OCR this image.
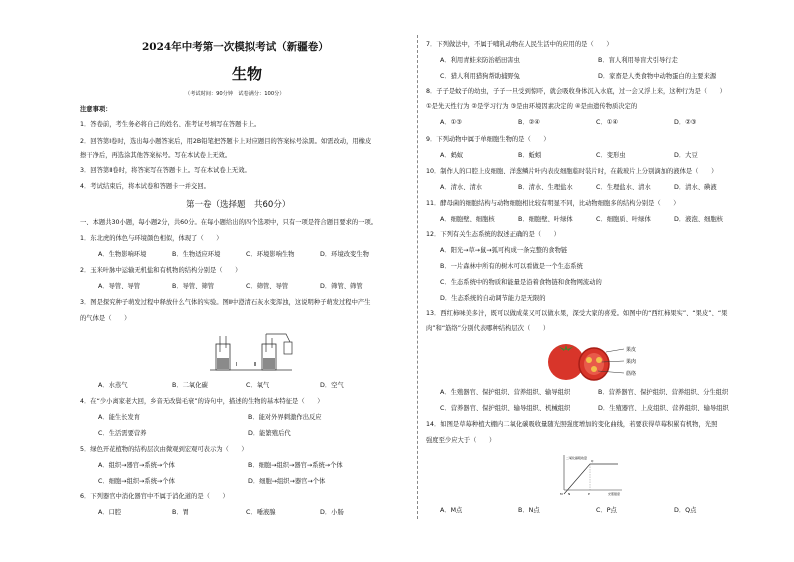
2024年中考第一次模拟考试（新疆卷）
生物
（考试时间：90分钟　试卷满分：100分）
注意事项：
1．答卷前，考生务必将自己的姓名、准考证号填写在答题卡上。
2．回答第Ⅰ卷时，选出每小题答案后，用2B铅笔把答题卡上对应题目的答案标号涂黑。如需改动，用橡皮
擦干净后，再选涂其他答案标号。写在本试卷上无效。
3．回答第Ⅱ卷时，将答案写在答题卡上。写在本试卷上无效。
4．考试结束后，将本试卷和答题卡一并交回。
第一卷（选择题　共60分）
一、本题共30小题，每小题2分，共60分。在每小题给出的四个选项中，只有一项是符合题目要求的一项。
1．东北虎的体色与环境颜色相似，体现了（　　）
A．生物影响环境	B．生物适应环境	C．环境影响生物	D．环境改变生物
2．玉米叶脉中运输无机盐和有机物的结构分别是（　　）
A．导管、导管	B．导管、筛管	C．筛管、导管	D．筛管、筛管
3．图是探究种子萌发过程中释放什么气体的实验。图Ⅱ中澄清石灰水变浑浊，这说明种子萌发过程中产生
的气体是（　　）
Ⅰ	Ⅱ
A．水蒸气	B．二氧化碳	C．氧气	D．空气
4．在“少小离家老大回，乡音无改鬓毛衰”的诗句中，描述的生物的基本特征是（　　）
A．能生长发育	B．能对外界刺激作出反应
C．生活需要营养	D．能繁殖后代
5．绿色开花植物的结构层次由微观到宏观可表示为（　　）
A．组织→器官→系统→个体	B．细胞→组织→器官→系统→个体
C．细胞→组织→系统→个体	D．细胞→组织→器官→个体
6．下列器官中消化器官中不属于消化道的是（　　）
A．口腔	B．胃	C．唾液腺	D．小肠
7．下列做法中，不属于哺乳动物在人民生活中的应用的是（　　）
A．利用青蛙来防治稻田害虫	B．盲人利用导盲犬引导行走
C．猎人利用猎狗帮助捕野兔	D．家畜是人类食物中动物蛋白的主要来源
8．子子是蚊子的幼虫，子子一旦受到惊吓，就会吸收身体沉入水底，过一会又浮上来，这种行为是（　　）
①是先天性行为 ②是学习行为 ③是由环境因素决定的 ④是由遗传物质决定的
A．①③	B．②④	C．①④	D．②③
9．下列动物中属于单细胞生物的是（　　）
A．蚂蚁	B．蚯蚓	C．变形虫	D．大豆
10．制作人的口腔上皮细胞、洋葱鳞片叶内表皮细胞临时装片时，在载玻片上分别滴加的液体是（　　）
A．清水、清水	B．清水、生理盐水	C．生理盐水、清水	D．清水、碘液
11．酵母菌的细胞结构与动物细胞相比较有明显不同，比动物细胞多的结构分别是（　　）
A．细胞壁、细胞核	B．细胞壁、叶绿体	C．细胞质、叶绿体	D．液泡、细胞核
12．下列有关生态系统的叙述正确的是（　　）
A．阳光→草→鼠→狐可构成一条完整的食物链
B．一片森林中所有的树木可以看做是一个生态系统
C．生态系统中的物质和能量是沿着食物链和食物网流动的
D．生态系统的自动调节能力是无限的
13．西红柿味美多汁，既可以做成菜又可以做水果，深受大家的喜爱。如图中的“西红柿果实”、“果皮”、“果
肉”和“筋络”分别代表哪种结构层次（　　）
果皮
果肉
筋络
A．生殖器官、保护组织、营养组织、输导组织	B．营养器官、保护组织、营养组织、分生组织
C．营养器官、保护组织、输导组织、机械组织	D．生殖器官、上皮组织、营养组织、输导组织
14．如图是草莓种植大棚内二氧化碳吸收量随光照强度增加的变化曲线，若要获得草莓积累有机物，光照
强度至少应大于（　　）
二氧化碳吸收量
光照强度
M N	P
Q
A．M点	B．N点	C．P点	D．Q点
